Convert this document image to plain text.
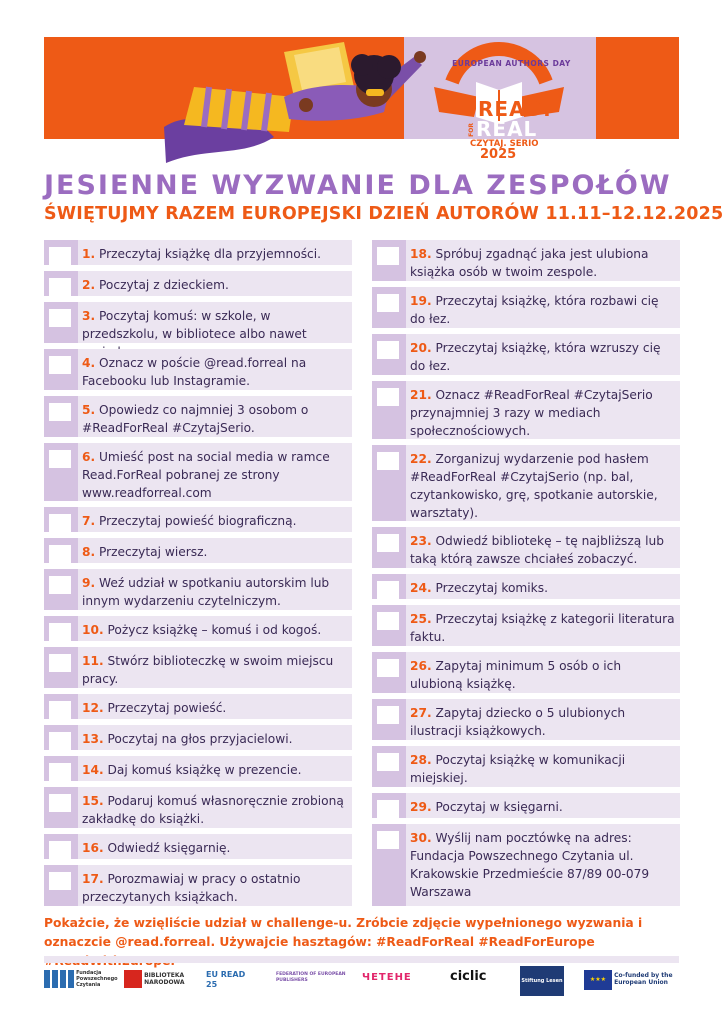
EUROPEAN AUTHORS DAY
READ.
FOR REAL
CZYTAJ. SERIO
2025
JESIENNE WYZWANIE DLA ZESPOŁÓW
ŚWIĘTUJMY RAZEM EUROPEJSKI DZIEŃ AUTORÓW 11.11–12.12.2025
1. Przeczytaj książkę dla przyjemności.
2. Poczytaj z dzieckiem.
3. Poczytaj komuś: w szkole, w przedszkolu, w bibliotece albo nawet
4. Oznacz w poście @read.forreal na Facebooku lub Instagramie.
5. Opowiedz co najmniej 3 osobom o #ReadForReal #CzytajSerio.
6. Umieść post na social media w ramce Read.ForReal pobranej ze strony www.readforreal.com
7. Przeczytaj powieść biograficzną.
8. Przeczytaj wiersz.
9. Weź udział w spotkaniu autorskim lub innym wydarzeniu czytelniczym.
10. Pożycz książkę – komuś i od kogoś.
11. Stwórz biblioteczkę w swoim miejscu pracy.
12. Przeczytaj powieść.
13. Poczytaj na głos przyjacielowi.
14. Daj komuś książkę w prezencie.
15. Podaruj komuś własnoręcznie zrobioną zakładkę do książki.
16. Odwiedź księgarnię.
17. Porozmawiaj w pracy o ostatnio przeczytanych książkach.
18. Spróbuj zgadnąć jaka jest ulubiona książka osób w twoim zespole.
19. Przeczytaj książkę, która rozbawi cię do łez.
20. Przeczytaj książkę, która wzruszy cię do łez.
21. Oznacz #ReadForReal #CzytajSerio przynajmniej 3 razy w mediach społecznościowych.
22. Zorganizuj wydarzenie pod hasłem #ReadForReal #CzytajSerio (np. bal, czytankowisko, grę, spotkanie autorskie, warsztaty).
23. Odwiedź bibliotekę – tę najbliższą lub taką którą zawsze chciałeś zobaczyć.
24. Przeczytaj komiks.
25. Przeczytaj książkę z kategorii literatura faktu.
26. Zapytaj minimum 5 osób o ich ulubioną książkę.
27. Zapytaj dziecko o 5 ulubionych ilustracji książkowych.
28. Poczytaj książkę w komunikacji miejskiej.
29. Poczytaj w księgarni.
30. Wyślij nam pocztówkę na adres: Fundacja Powszechnego Czytania ul. Krakowskie Przedmieście 87/89 00-079 Warszawa
Pokażcie, że wzięliście udział w challenge-u. Zróbcie zdjęcie wypełnionego wyzwania i oznaczcie @read.forreal. Używajcie hasztagów: #ReadForReal #ReadForEurope
Fundacja Powszechnego Czytania
BIBLIOTEKA NARODOWA
EU READ 25
FEDERATION OF EUROPEAN PUBLISHERS	ЧЕТЕНЕ	ciclic	Stiftung Lesen	★★★ Co-funded by the European Union
